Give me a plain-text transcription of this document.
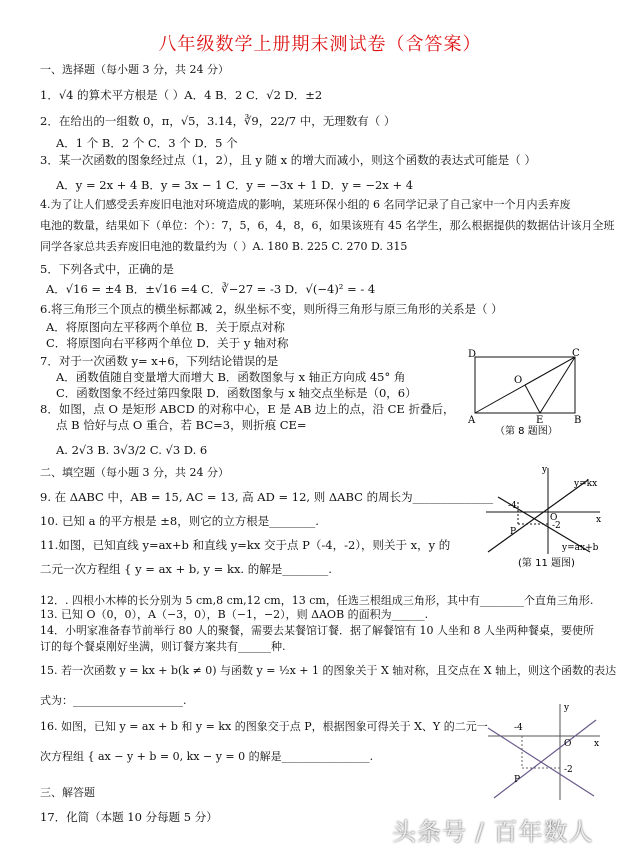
八年级数学上册期末测试卷（含答案）
一、选择题（每小题 3 分，共 24 分）
1．√4 的算术平方根是（ ）A．4 B．2 C．√2 D．±2
2．在给出的一组数 0，π，√5，3.14，∛9，22/7 中，无理数有（ ）
A．1 个 B．2 个 C．3 个 D．5 个
3．某一次函数的图象经过点（1，2），且 y 随 x 的增大而减小，则这个函数的表达式可能是（ ）
A．y = 2x + 4 B．y = 3x − 1 C．y = −3x + 1 D．y = −2x + 4
4.为了让人们感受丢弃废旧电池对环境造成的影响，某班环保小组的 6 名同学记录了自己家中一个月内丢弃废
电池的数量，结果如下（单位：个）：7，5，6，4，8，6，如果该班有 45 名学生，那么根据提供的数据估计该月全班
同学各家总共丢弃废旧电池的数量约为（ ）A. 180 B. 225 C. 270 D. 315
5．下列各式中，正确的是
A．√16 = ±4 B．±√16 =4 C．∛−27 = -3 D．√(−4)² = - 4
6.将三角形三个顶点的横坐标都减 2，纵坐标不变，则所得三角形与原三角形的关系是（ ）
A．将原图向左平移两个单位 B．关于原点对称
C．将原图向右平移两个单位 D．关于 y 轴对称
7．对于一次函数 y= x+6，下列结论错误的是
A．函数值随自变量增大而增大 B．函数图象与 x 轴正方向成 45° 角
C．函数图象不经过第四象限 D．函数图象与 x 轴交点坐标是（0，6）
8．如图，点 O 是矩形 ABCD 的对称中心，E 是 AB 边上的点，沿 CE 折叠后，
点 B 恰好与点 O 重合，若 BC=3，则折痕 CE=
A. 2√3 B. 3√3/2 C. √3 D. 6
D	C
O
A	E	B
（第 8 题图）
二、填空题（每小题 3 分，共 24 分）
9. 在 ΔABC 中，AB = 15, AC = 13, 高 AD = 12, 则 ΔABC 的周长为______________
10. 已知 a 的平方根是 ±8，则它的立方根是________.
11.如图，已知直线 y=ax+b 和直线 y=kx 交于点 P（-4，-2），则关于 x，y 的
二元一次方程组 { y = ax + b, y = kx. 的解是________.
y
x
y=kx
y=ax+b
-4
-2
O
P
(第 11 题图)
12．. 四根小木棒的长分别为 5 cm,8 cm,12 cm，13 cm，任选三根组成三角形，其中有________个直角三角形.
13. 已知 O（0，0），A（−3，0），B（−1，−2），则 ΔAOB 的面积为______.
14．小明家准备春节前举行 80 人的聚餐，需要去某餐馆订餐．据了解餐馆有 10 人坐和 8 人坐两种餐桌，要使所
订的每个餐桌刚好坐满，则订餐方案共有______种.
15. 若一次函数 y = kx + b(k ≠ 0) 与函数 y = ½x + 1 的图象关于 X 轴对称，且交点在 X 轴上，则这个函数的表达
式为：____________________.
16. 如图，已知 y = ax + b 和 y = kx 的图象交于点 P，根据图象可得关于 X、Y 的二元一
次方程组 { ax − y + b = 0, kx − y = 0 的解是________________.
y
x
-4
O
-2
P
三、解答题
17．化简（本题 10 分每题 5 分）
头条号 / 百年数人
